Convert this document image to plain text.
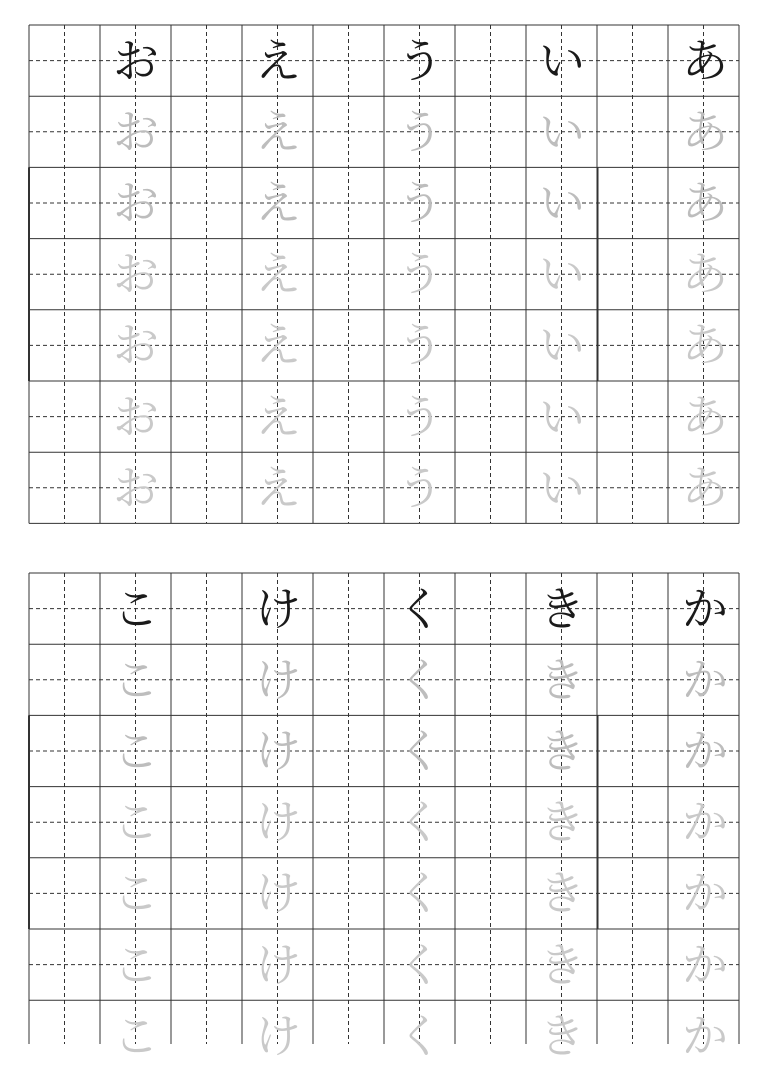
お
お
お
お
お
お
お
え
え
え
え
え
え
え
う
う
う
う
う
う
う
い
い
い
い
い
い
い
あ
あ
あ
あ
あ
あ
あ
こ
こ
こ
こ
こ
こ
こ
け
け
け
け
け
け
け
く
く
く
く
く
く
く
き
き
き
き
き
き
き
か
か
か
か
か
か
か
